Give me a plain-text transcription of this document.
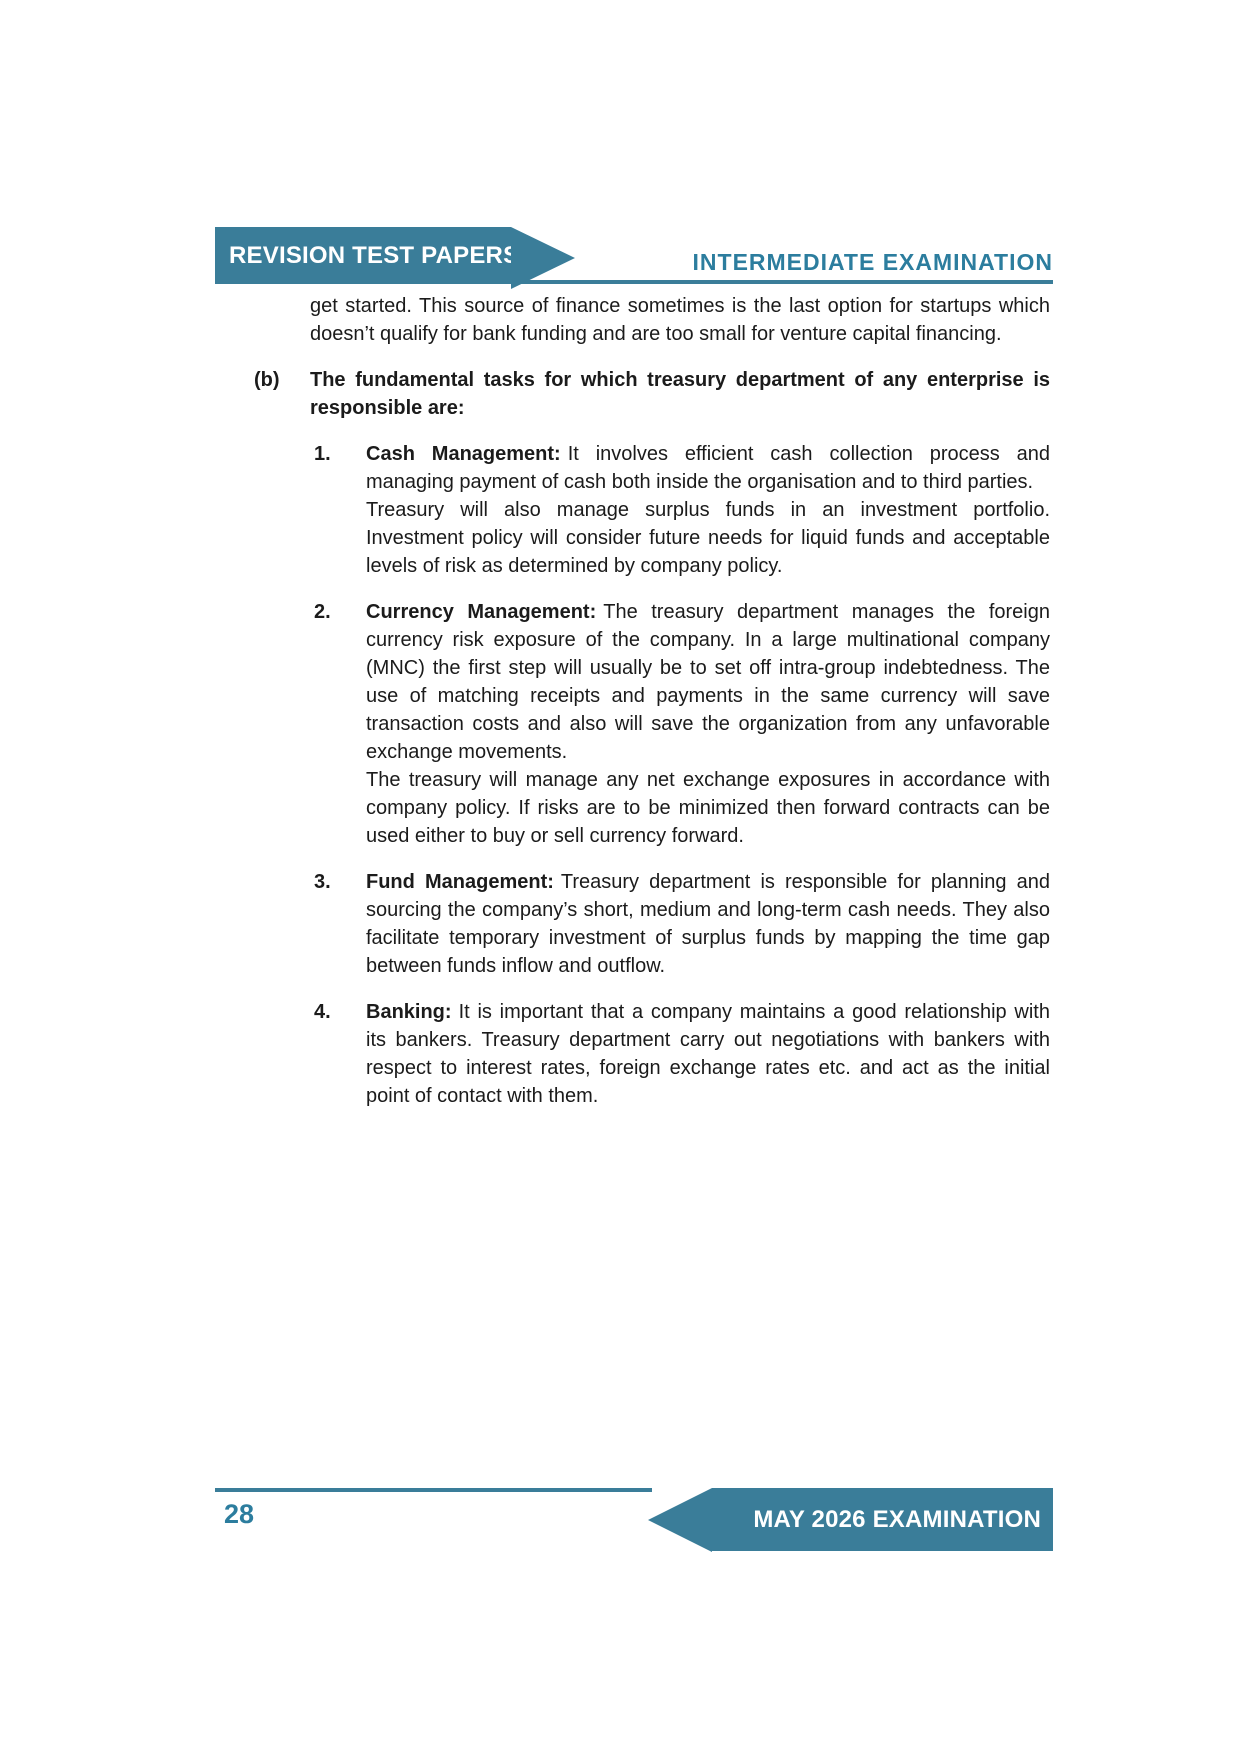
REVISION TEST PAPERS	INTERMEDIATE EXAMINATION

get started. This source of finance sometimes is the last option for startups which doesn’t qualify for bank funding and are too small for venture capital financing.

(b) The fundamental tasks for which treasury department of any enterprise is responsible are:

1. Cash Management: It involves efficient cash collection process and managing payment of cash both inside the organisation and to third parties.

Treasury will also manage surplus funds in an investment portfolio. Investment policy will consider future needs for liquid funds and acceptable levels of risk as determined by company policy.

2. Currency Management: The treasury department manages the foreign currency risk exposure of the company. In a large multinational company (MNC) the first step will usually be to set off intra-group indebtedness. The use of matching receipts and payments in the same currency will save transaction costs and also will save the organization from any unfavorable exchange movements.

The treasury will manage any net exchange exposures in accordance with company policy. If risks are to be minimized then forward contracts can be used either to buy or sell currency forward.

3. Fund Management: Treasury department is responsible for planning and sourcing the company’s short, medium and long-term cash needs. They also facilitate temporary investment of surplus funds by mapping the time gap between funds inflow and outflow.

4. Banking: It is important that a company maintains a good relationship with its bankers. Treasury department carry out negotiations with bankers with respect to interest rates, foreign exchange rates etc. and act as the initial point of contact with them.

28	MAY 2026 EXAMINATION
